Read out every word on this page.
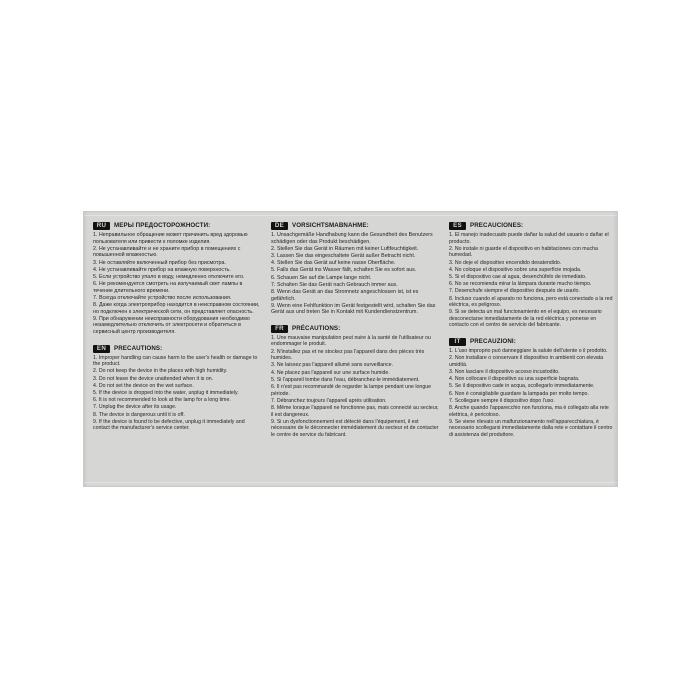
RU	МЕРЫ ПРЕДОСТОРОЖНОСТИ:
1. Неправильное обращение может причинить вред здоровью пользователя или привести к поломке изделия.
2. Не устанавливайте и не храните прибор в помещениях с повышенной влажностью.
3. Не оставляйте включенный прибор без присмотра.
4. Не устанавливайте прибор на влажную поверхность.
5. Если устройство упало в воду, немедленно отключите его.
6. Не рекомендуется смотреть на излучаемый свет лампы в течение длительного времени.
7. Всегда отключайте устройство после использования.
8. Даже когда электроприбор находится в неисправном состоянии, но подключен к электрической сети, он представляет опасность.
9. При обнаружении неисправности оборудования необходимо незамедлительно отключить от электросети и обратиться в сервисный центр производителя.
EN	PRECAUTIONS:
1. Improper handling can cause harm to the user's health or damage to the product.
2. Do not keep the device in the places with high humidity.
3. Do not leave the device unattended when it is on.
4. Do not set the device on the wet surface.
5. If the device is dropped into the water, unplug it immediately.
6. It is not recommended to look at the lamp for a long time.
7. Unplug the device after its usage.
8. The device is dangerous until it is off.
9. If the device is found to be defective, unplug it immediately and contact the manufacturer's service center.
DE	VORSICHTSMABNAHME:
1. Unsachgemäße Handhabung kann die Gesundheit des Benutzers schädigen oder das Produkt beschädigen.
2. Stellen Sie das Gerät in Räumen mit keiner Luftfeuchtigkeit.
3. Lassen Sie das eingeschaltete Gerät außer Betracht nicht.
4. Stellen Sie das Gerät auf keine nasse Oberfläche.
5. Falls das Gerät ins Wasser fällt, schalten Sie es sofort aus.
6. Schauen Sie auf die Lampe lange nicht.
7. Schalten Sie das Gerät nach Gebrauch immer aus.
8. Wenn das Gerät an das Stromnetz angeschlossen ist, ist es gefährlich.
9. Wenn eine Fehlfunktion im Gerät festgestellt wird, schalten Sie das Gerät aus und treten Sie in Kontakt mit Kundendienstzentrum.
FR	PRÉCAUTIONS:
1. Une mauvaise manipulation peut nuire à la santé de l'utilisateur ou endommager le produit.
2. N'installez pas et ne stockez pas l'appareil dans des pièces très humides.
3. Ne laissez pas l'appareil allumé sans surveillance.
4. Ne placez pas l'appareil sur une surface humide.
5. Si l'appareil tombe dans l'eau, débranchez-le immédiatement.
6. Il n'est pas recommandé de regarder la lampe pendant une longue période.
7. Débranchez toujours l'appareil après utilisation.
8. Même lorsque l'appareil ne fonctionne pas, mais connecté au secteur, il est dangereux.
9. Si un dysfonctionnement est détecté dans l'équipement, il est nécessaire de le déconnecter immédiatement du secteur et de contacter le centre de service du fabricant.
ES	PRECAUCIONES:
1. El manejo inadecuado puede dañar la salud del usuario o dañar el producto.
2. No instale ni guarde el dispositivo en habitaciones con mucha humedad.
3. No deje el dispositivo encendido desatendido.
4. No coloque el dispositivo sobre una superficie mojada.
5. Si el dispositivo cae al agua, desenchúfelo de inmediato.
6. No se recomienda mirar la lámpara durante mucho tiempo.
7. Desenchufe siempre el dispositivo después de usarlo.
8. Incluso cuando el aparato no funciona, pero está conectado a la red eléctrica, es peligroso.
9. Si se detecta un mal funcionamiento en el equipo, es necesario desconectarse inmediatamente de la red eléctrica y ponerse en contacto con el centro de servicio del fabricante.
IT	PRECAUZIONI:
1. L'uso improprio può danneggiare la salute dell'utente o il prodotto.
2. Non installare o conservare il dispositivo in ambienti con elevata umidità.
3. Non lasciare il dispositivo acceso incustodito.
4. Non collocare il dispositivo su una superficie bagnata.
5. Se il dispositivo cade in acqua, scollegarlo immediatamente.
6. Non è consigliabile guardare la lampada per molto tempo.
7. Scollegare sempre il dispositivo dopo l'uso.
8. Anche quando l'apparecchio non funziona, ma è collegato alla rete elettrica, è pericoloso.
9. Se viene rilevato un malfunzionamento nell'apparecchiatura, è necessario scollegarsi immediatamente dalla rete e contattare il centro di assistenza del produttore.
